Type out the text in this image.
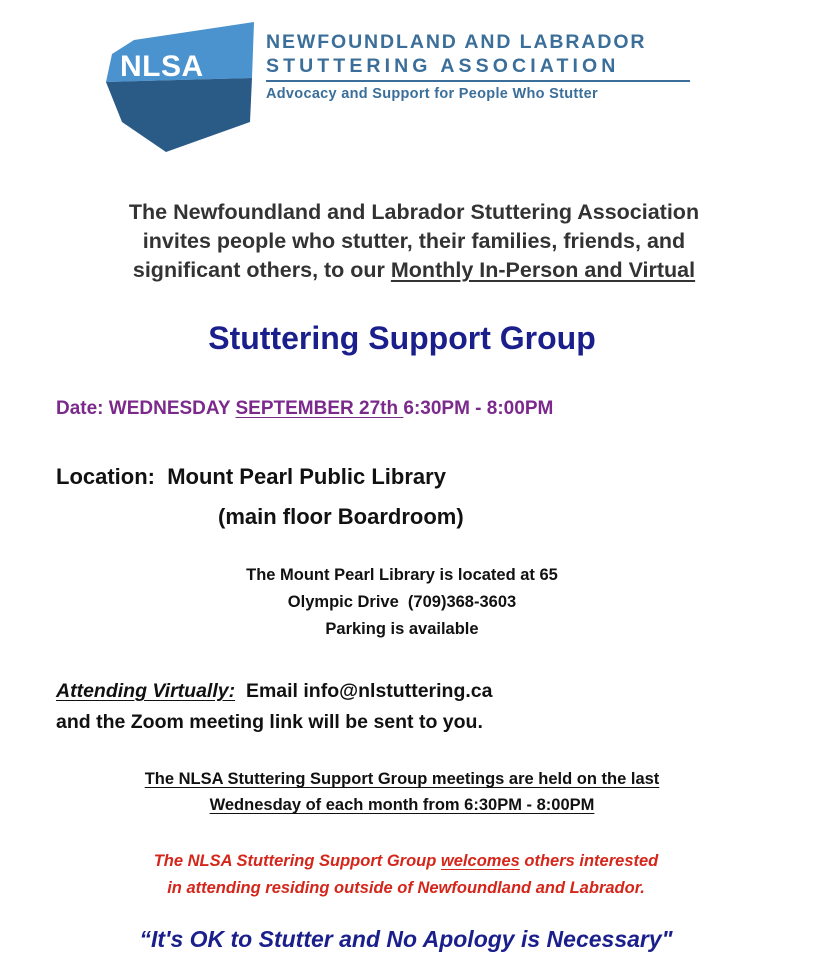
NLSA
NEWFOUNDLAND AND LABRADOR
STUTTERING ASSOCIATION
Advocacy and Support for People Who Stutter
The Newfoundland and Labrador Stuttering Association
invites people who stutter, their families, friends, and
significant others, to our Monthly In-Person and Virtual
Stuttering Support Group
Date: WEDNESDAY SEPTEMBER 27th 6:30PM - 8:00PM
Location:  Mount Pearl Public Library
(main floor Boardroom)
The Mount Pearl Library is located at 65
Olympic Drive  (709)368-3603
Parking is available
Attending Virtually:  Email info@nlstuttering.ca
and the Zoom meeting link will be sent to you.
The NLSA Stuttering Support Group meetings are held on the last
Wednesday of each month from 6:30PM - 8:00PM
The NLSA Stuttering Support Group welcomes others interested
in attending residing outside of Newfoundland and Labrador.
“It's OK to Stutter and No Apology is Necessary"
